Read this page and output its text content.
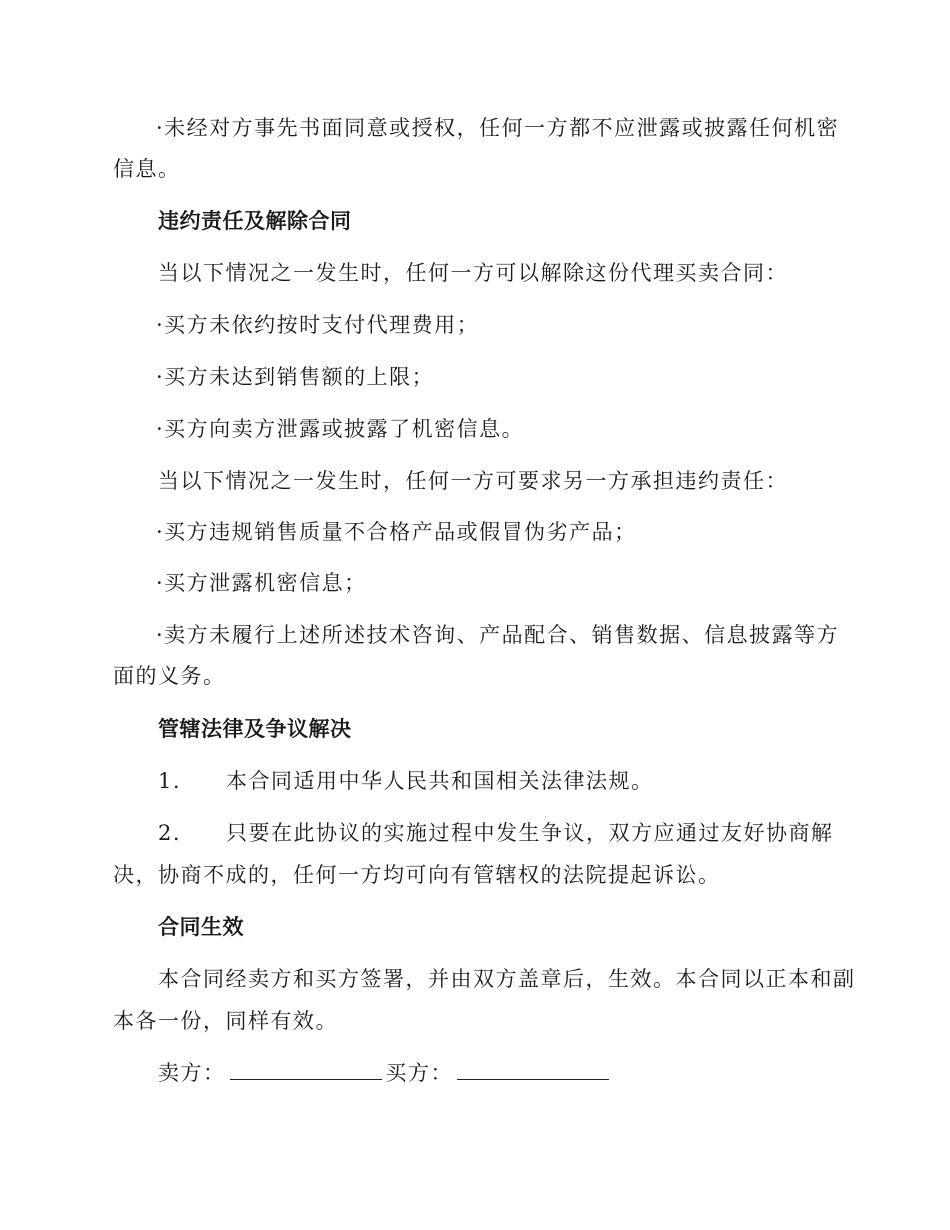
·未经对方事先书面同意或授权，任何一方都不应泄露或披露任何机密
信息。
违约责任及解除合同
当以下情况之一发生时，任何一方可以解除这份代理买卖合同：
·买方未依约按时支付代理费用；
·买方未达到销售额的上限；
·买方向卖方泄露或披露了机密信息。
当以下情况之一发生时，任何一方可要求另一方承担违约责任：
·买方违规销售质量不合格产品或假冒伪劣产品；
·买方泄露机密信息；
·卖方未履行上述所述技术咨询、产品配合、销售数据、信息披露等方
面的义务。
管辖法律及争议解决
1. 本合同适用中华人民共和国相关法律法规。
2. 只要在此协议的实施过程中发生争议，双方应通过友好协商解
决，协商不成的，任何一方均可向有管辖权的法院提起诉讼。
合同生效
本合同经卖方和买方签署，并由双方盖章后，生效。本合同以正本和副
本各一份，同样有效。
卖方：	买方：
